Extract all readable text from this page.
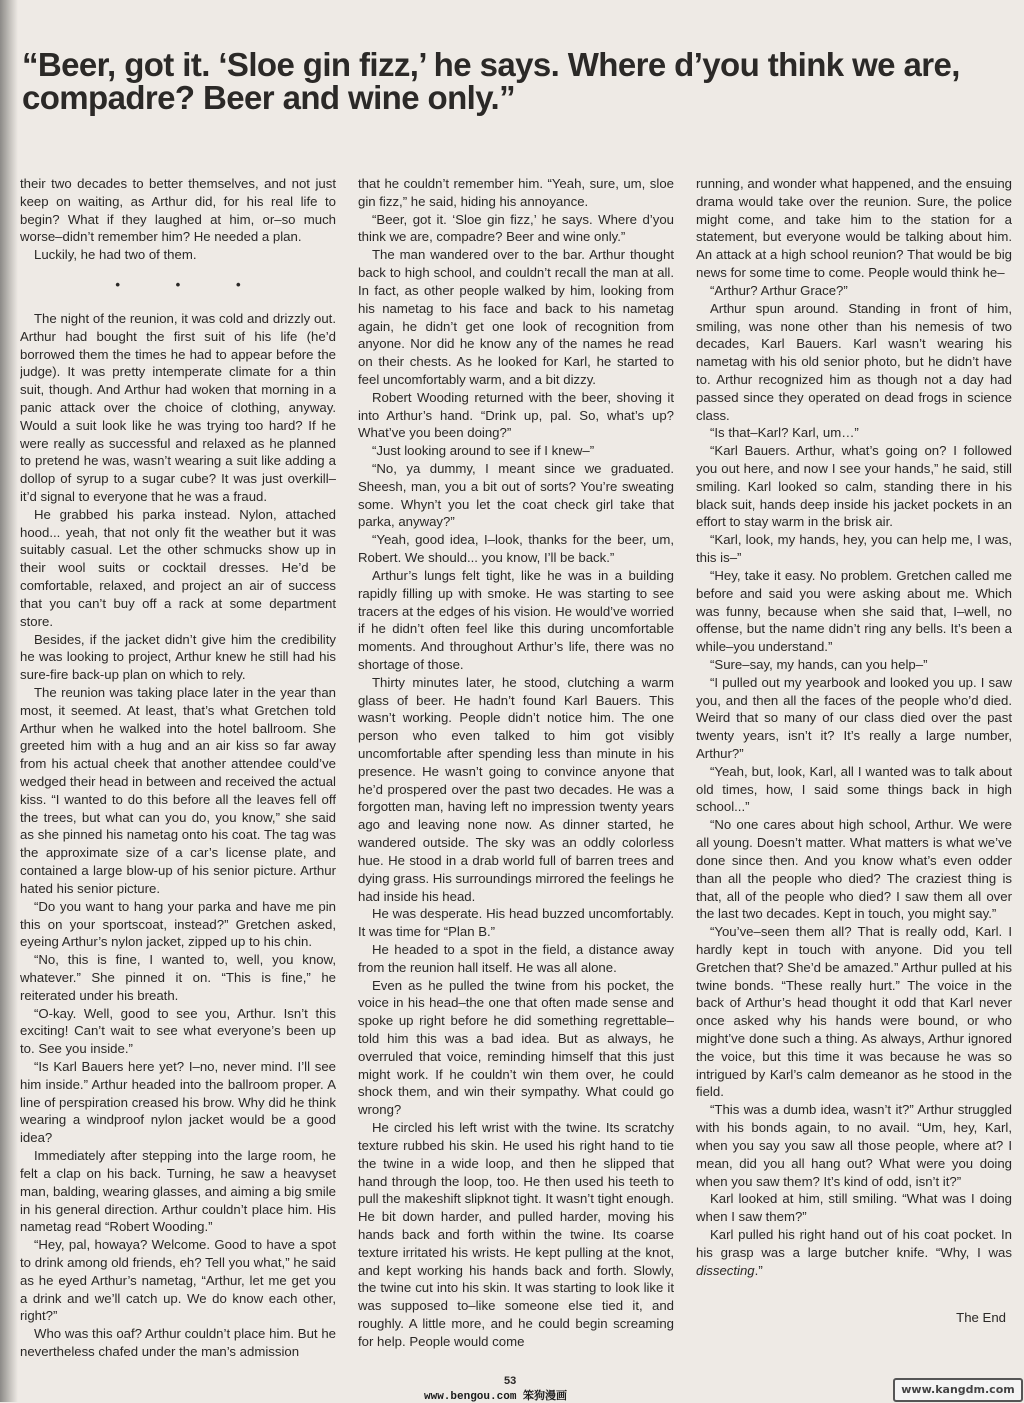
“Beer, got it. ‘Sloe gin fizz,’ he says. Where d’you think we are, compadre? Beer and wine only.”

their two decades to better themselves, and not just keep on waiting, as Arthur did, for his real life to begin? What if they laughed at him, or–so much worse–didn’t remember him? He needed a plan.

Luckily, he had two of them.

• • •

The night of the reunion, it was cold and drizzly out. Arthur had bought the first suit of his life (he’d borrowed them the times he had to appear before the judge). It was pretty intemperate climate for a thin suit, though. And Arthur had woken that morning in a panic attack over the choice of clothing, anyway. Would a suit look like he was trying too hard? If he were really as successful and relaxed as he planned to pretend he was, wasn’t wearing a suit like adding a dollop of syrup to a sugar cube? It was just overkill–it’d signal to everyone that he was a fraud.

He grabbed his parka instead. Nylon, attached hood... yeah, that not only fit the weather but it was suitably casual. Let the other schmucks show up in their wool suits or cocktail dresses. He’d be comfortable, relaxed, and project an air of success that you can’t buy off a rack at some department store.

Besides, if the jacket didn’t give him the credibility he was looking to project, Arthur knew he still had his sure-fire back-up plan on which to rely.

The reunion was taking place later in the year than most, it seemed. At least, that’s what Gretchen told Arthur when he walked into the hotel ballroom. She greeted him with a hug and an air kiss so far away from his actual cheek that another attendee could’ve wedged their head in between and received the actual kiss. “I wanted to do this before all the leaves fell off the trees, but what can you do, you know,” she said as she pinned his nametag onto his coat. The tag was the approximate size of a car’s license plate, and contained a large blow-up of his senior picture. Arthur hated his senior picture.

“Do you want to hang your parka and have me pin this on your sportscoat, instead?” Gretchen asked, eyeing Arthur’s nylon jacket, zipped up to his chin.

“No, this is fine, I wanted to, well, you know, whatever.” She pinned it on. “This is fine,” he reiterated under his breath.

“O-kay. Well, good to see you, Arthur. Isn’t this exciting! Can’t wait to see what everyone’s been up to. See you inside.”

“Is Karl Bauers here yet? I–no, never mind. I’ll see him inside.” Arthur headed into the ballroom proper. A line of perspiration creased his brow. Why did he think wearing a windproof nylon jacket would be a good idea?

Immediately after stepping into the large room, he felt a clap on his back. Turning, he saw a heavyset man, balding, wearing glasses, and aiming a big smile in his general direction. Arthur couldn’t place him. His nametag read “Robert Wooding.”

“Hey, pal, howaya? Welcome. Good to have a spot to drink among old friends, eh? Tell you what,” he said as he eyed Arthur’s nametag, “Arthur, let me get you a drink and we’ll catch up. We do know each other, right?”

Who was this oaf? Arthur couldn’t place him. But he nevertheless chafed under the man’s admission

that he couldn’t remember him. “Yeah, sure, um, sloe gin fizz,” he said, hiding his annoyance.

“Beer, got it. ‘Sloe gin fizz,’ he says. Where d’you think we are, compadre? Beer and wine only.”

The man wandered over to the bar. Arthur thought back to high school, and couldn’t recall the man at all. In fact, as other people walked by him, looking from his nametag to his face and back to his nametag again, he didn’t get one look of recognition from anyone. Nor did he know any of the names he read on their chests. As he looked for Karl, he started to feel uncomfortably warm, and a bit dizzy.

Robert Wooding returned with the beer, shoving it into Arthur’s hand. “Drink up, pal. So, what’s up? What’ve you been doing?”

“Just looking around to see if I knew–”

“No, ya dummy, I meant since we graduated. Sheesh, man, you a bit out of sorts? You’re sweating some. Whyn’t you let the coat check girl take that parka, anyway?”

“Yeah, good idea, I–look, thanks for the beer, um, Robert. We should... you know, I’ll be back.”

Arthur’s lungs felt tight, like he was in a building rapidly filling up with smoke. He was starting to see tracers at the edges of his vision. He would’ve worried if he didn’t often feel like this during uncomfortable moments. And throughout Arthur’s life, there was no shortage of those.

Thirty minutes later, he stood, clutching a warm glass of beer. He hadn’t found Karl Bauers. This wasn’t working. People didn’t notice him. The one person who even talked to him got visibly uncomfortable after spending less than minute in his presence. He wasn’t going to convince anyone that he’d prospered over the past two decades. He was a forgotten man, having left no impression twenty years ago and leaving none now. As dinner started, he wandered outside. The sky was an oddly colorless hue. He stood in a drab world full of barren trees and dying grass. His surroundings mirrored the feelings he had inside his head.

He was desperate. His head buzzed uncomfortably. It was time for “Plan B.”

He headed to a spot in the field, a distance away from the reunion hall itself. He was all alone.

Even as he pulled the twine from his pocket, the voice in his head–the one that often made sense and spoke up right before he did something regrettable–told him this was a bad idea. But as always, he overruled that voice, reminding himself that this just might work. If he couldn’t win them over, he could shock them, and win their sympathy. What could go wrong?

He circled his left wrist with the twine. Its scratchy texture rubbed his skin. He used his right hand to tie the twine in a wide loop, and then he slipped that hand through the loop, too. He then used his teeth to pull the makeshift slipknot tight. It wasn’t tight enough. He bit down harder, and pulled harder, moving his hands back and forth within the twine. Its coarse texture irritated his wrists. He kept pulling at the knot, and kept working his hands back and forth. Slowly, the twine cut into his skin. It was starting to look like it was supposed to–like someone else tied it, and roughly. A little more, and he could begin screaming for help. People would come

running, and wonder what happened, and the ensuing drama would take over the reunion. Sure, the police might come, and take him to the station for a statement, but everyone would be talking about him. An attack at a high school reunion? That would be big news for some time to come. People would think he–

“Arthur? Arthur Grace?”

Arthur spun around. Standing in front of him, smiling, was none other than his nemesis of two decades, Karl Bauers. Karl wasn’t wearing his nametag with his old senior photo, but he didn’t have to. Arthur recognized him as though not a day had passed since they operated on dead frogs in science class.

“Is that–Karl? Karl, um…”

“Karl Bauers. Arthur, what’s going on? I followed you out here, and now I see your hands,” he said, still smiling. Karl looked so calm, standing there in his black suit, hands deep inside his jacket pockets in an effort to stay warm in the brisk air.

“Karl, look, my hands, hey, you can help me, I was, this is–”

“Hey, take it easy. No problem. Gretchen called me before and said you were asking about me. Which was funny, because when she said that, I–well, no offense, but the name didn’t ring any bells. It’s been a while–you understand.”

“Sure–say, my hands, can you help–”

“I pulled out my yearbook and looked you up. I saw you, and then all the faces of the people who’d died. Weird that so many of our class died over the past twenty years, isn’t it? It’s really a large number, Arthur?”

“Yeah, but, look, Karl, all I wanted was to talk about old times, how, I said some things back in high school...”

“No one cares about high school, Arthur. We were all young. Doesn’t matter. What matters is what we’ve done since then. And you know what’s even odder than all the people who died? The craziest thing is that, all of the people who died? I saw them all over the last two decades. Kept in touch, you might say.”

“You’ve–seen them all? That is really odd, Karl. I hardly kept in touch with anyone. Did you tell Gretchen that? She’d be amazed.” Arthur pulled at his twine bonds. “These really hurt.” The voice in the back of Arthur’s head thought it odd that Karl never once asked why his hands were bound, or who might’ve done such a thing. As always, Arthur ignored the voice, but this time it was because he was so intrigued by Karl’s calm demeanor as he stood in the field.

“This was a dumb idea, wasn’t it?” Arthur struggled with his bonds again, to no avail. “Um, hey, Karl, when you say you saw all those people, where at? I mean, did you all hang out? What were you doing when you saw them? It’s kind of odd, isn’t it?”

Karl looked at him, still smiling. “What was I doing when I saw them?”

Karl pulled his right hand out of his coat pocket. In his grasp was a large butcher knife. “Why, I was dissecting.”

The End

53
www.bengou.com 笨狗漫画
www.kangdm.com
